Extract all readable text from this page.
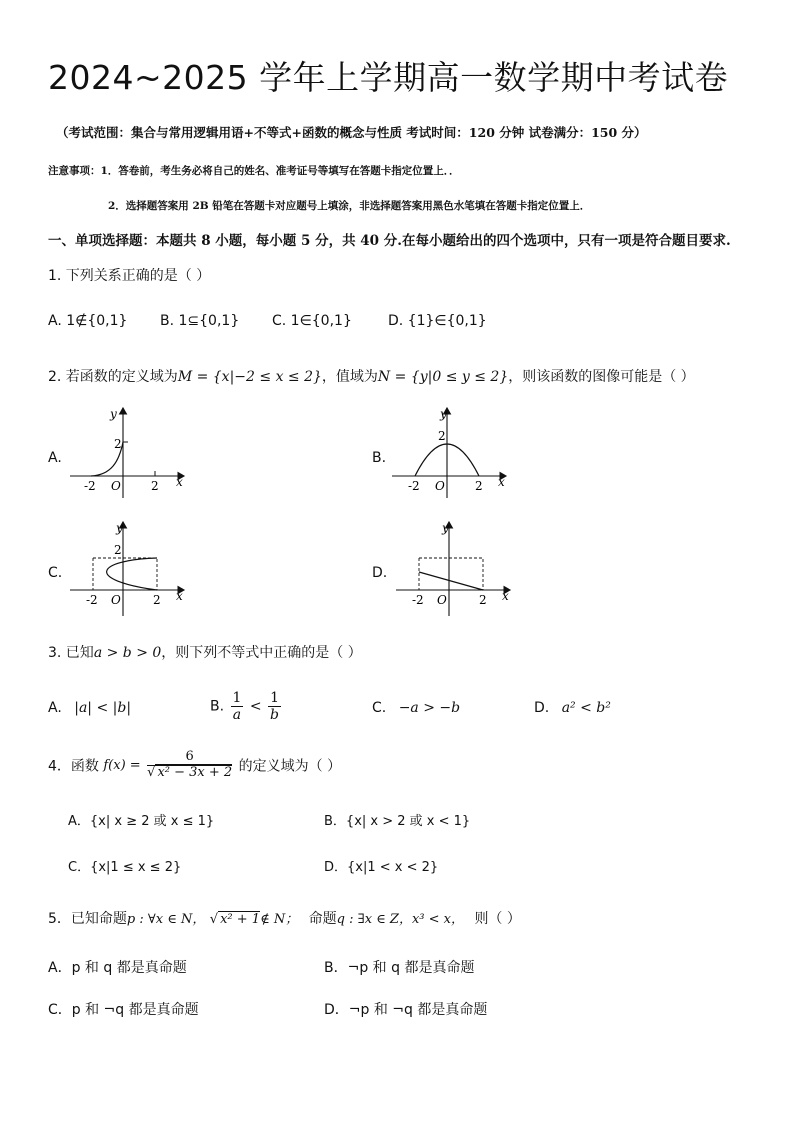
2024~2025 学年上学期高一数学期中考试卷
（考试范围：集合与常用逻辑用语+不等式+函数的概念与性质 考试时间：120 分钟 试卷满分：150 分）
注意事项：1．答卷前，考生务必将自己的姓名、准考证号等填写在答题卡指定位置上．．
2．选择题答案用 2B 铅笔在答题卡对应题号上填涂，非选择题答案用黑色水笔填在答题卡指定位置上．
一、单项选择题：本题共 8 小题，每小题 5 分，共 40 分.在每小题给出的四个选项中，只有一项是符合题目要求.
1. 下列关系正确的是（ ）
A. 1∉{0,1} B. 1⊆{0,1} C. 1∈{0,1}	D. {1}∈{0,1}
2. 若函数的定义域为M = {x|−2 ≤ x ≤ 2}，值域为N = {y|0 ≤ y ≤ 2}，则该函数的图像可能是（ ）
A.	B.
C.	D.
y
x
2
-2 O	2
y
x
2
-2 O	2
y
x
2
-2 O	2
y
x
-2 O	2
3. 已知a > b > 0，则下列不等式中正确的是（ ）
A. |a| < |b|	B. $\frac{1}{a} < \frac{1}{b}$	C. −a > −b	D. a² < b²
4．函数 $f(x) = \frac{6}{\text{√ x² − 3x + 2}}$ 的定义域为（ ）
A．{x| x ≥ 2 或 x ≤ 1}	B．{x| x > 2 或 x < 1}
C．{x|1 ≤ x ≤ 2}	D．{x|1 < x < 2}
5．已知命题p : ∀x ∈ N， √ x² + 1∉ N； 命题q : ∃x ∈ Z，x³ < x， 则（ ）
A．p 和 q 都是真命题	B．¬p 和 q 都是真命题
C．p 和 ¬q 都是真命题	D．¬p 和 ¬q 都是真命题
